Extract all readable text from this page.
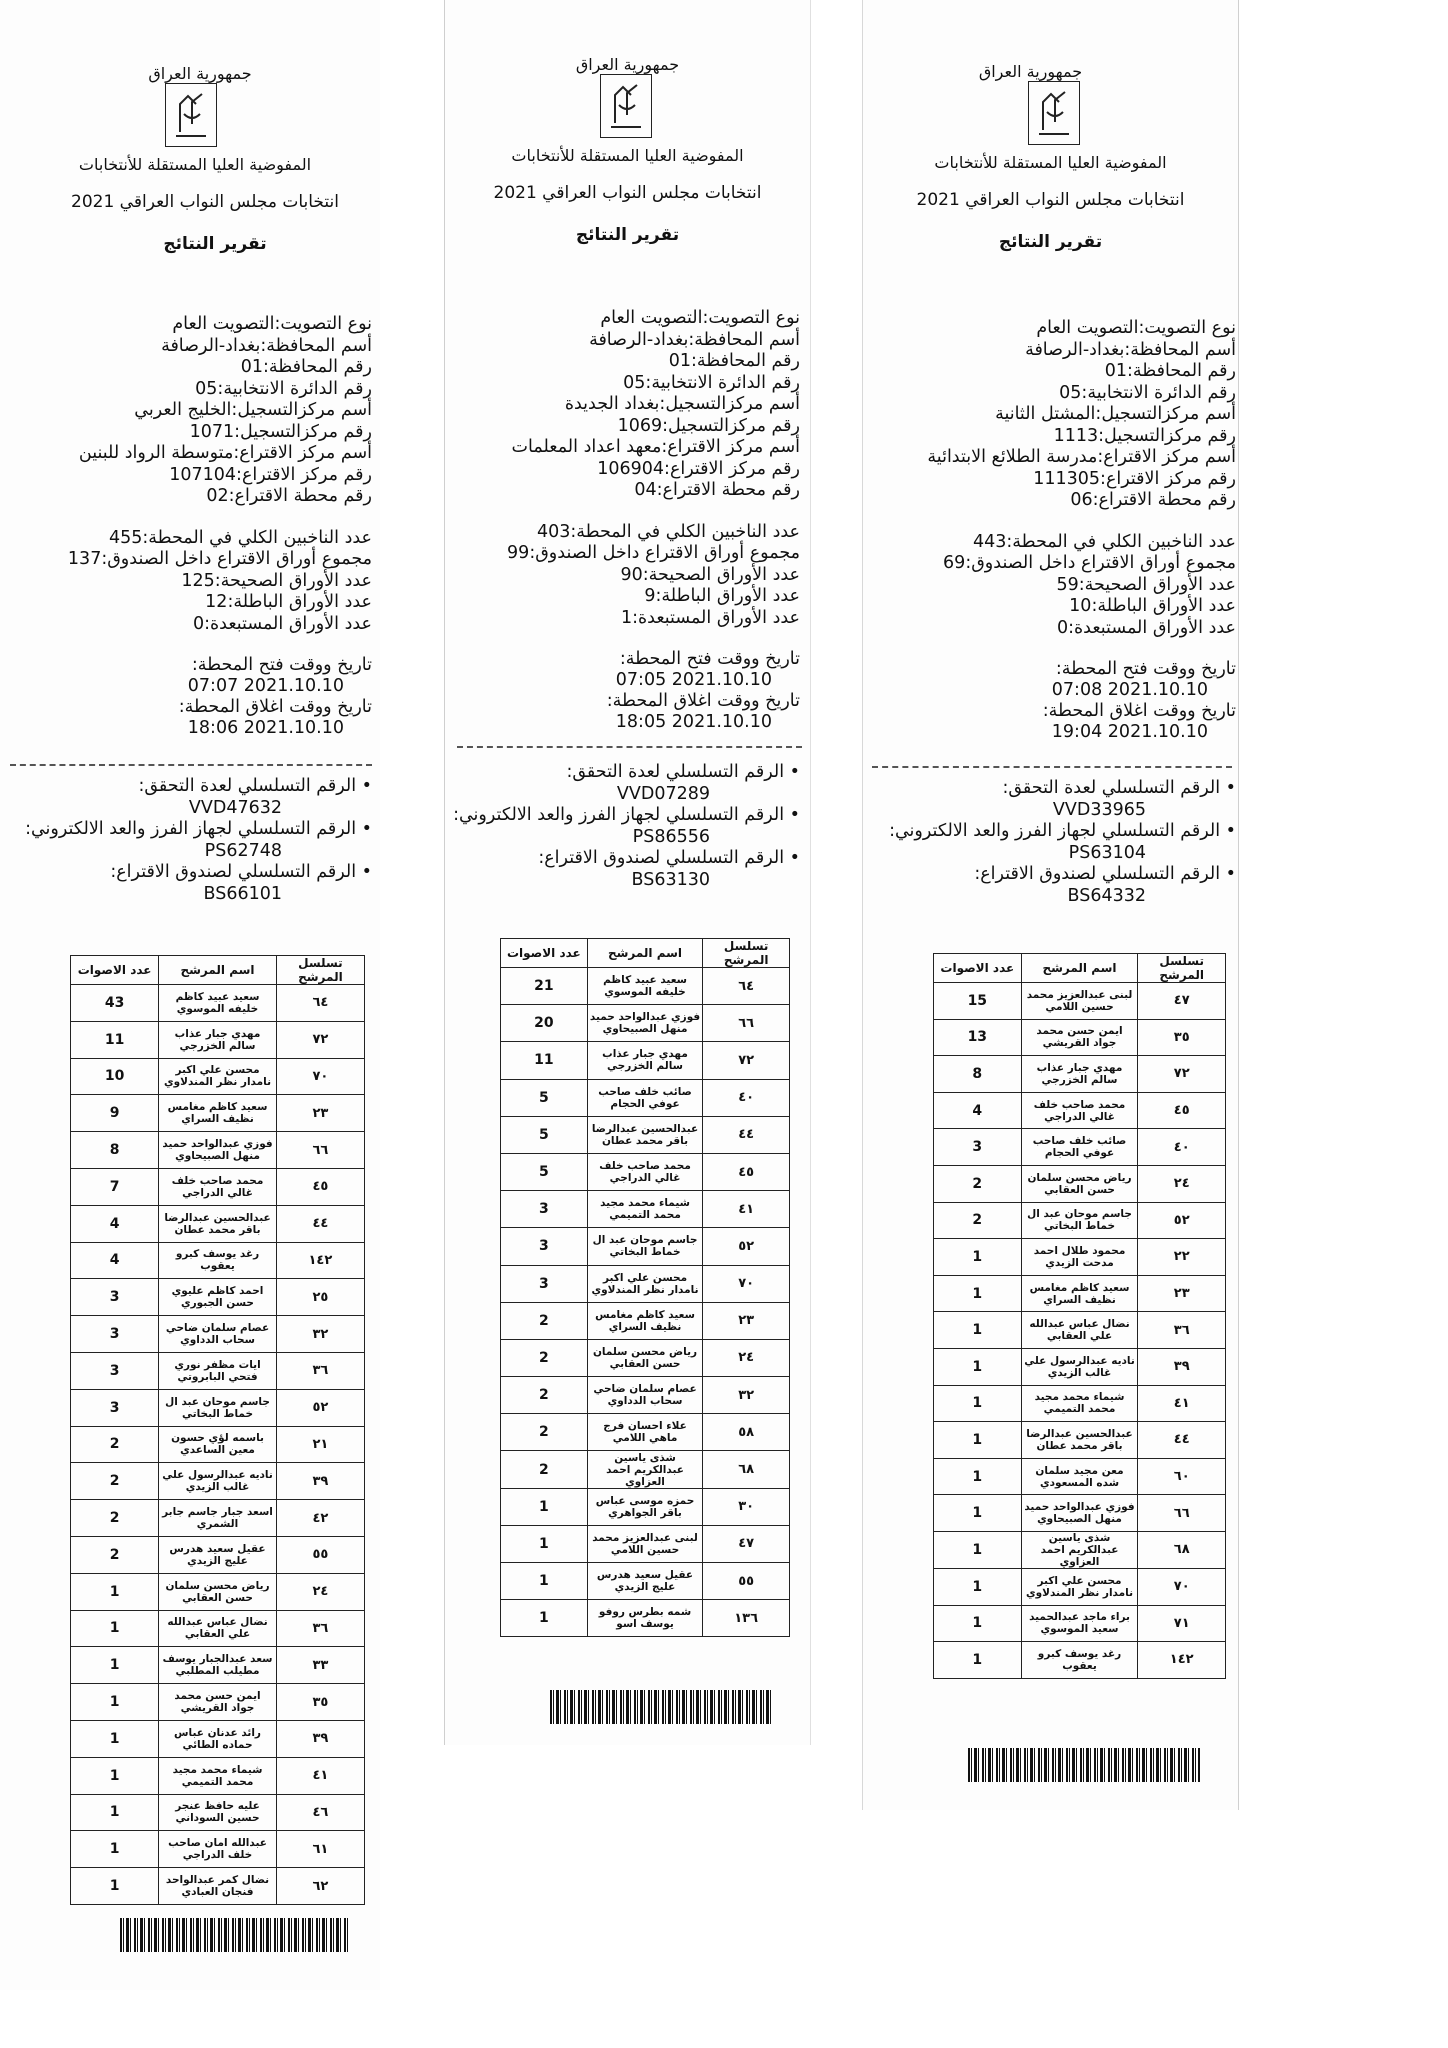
جمهورية العراق
المفوضية العليا المستقلة للأنتخابات
انتخابات مجلس النواب العراقي 2021
تقرير النتائج
نوع التصويت:التصويت العام
أسم المحافظة:بغداد-الرصافة
رقم المحافظة:01
رقم الدائرة الانتخابية:05
أسم مركزالتسجيل:الخليج العربي
رقم مركزالتسجيل:1071
أسم مركز الاقتراع:متوسطة الرواد للبنين
رقم مركز الاقتراع:107104
رقم محطة الاقتراع:02
عدد الناخبين الكلي في المحطة:455
مجموع أوراق الاقتراع داخل الصندوق:137
عدد الأوراق الصحيحة:125
عدد الأوراق الباطلة:12
عدد الأوراق المستبعدة:0
تاريخ ووقت فتح المحطة:
2021.10.10 07:07
تاريخ ووقت اغلاق المحطة:
2021.10.10 18:06
• الرقم التسلسلي لعدة التحقق:
VVD47632
• الرقم التسلسلي لجهاز الفرز والعد الالكتروني:
PS62748
• الرقم التسلسلي لصندوق الاقتراع:
BS66101
تسلسل المرشح	اسم المرشح	عدد الاصوات
٦٤	سعيد عبيد كاظم خليفه الموسوي	43
٧٢	مهدي جبار عذاب سالم الخزرجي	11
٧٠	محسن علي اكبر نامدار نظر المندلاوي	10
٢٣	سعيد كاظم مغامس نظيف السراي	9
٦٦	فوزي عبدالواحد حميد منهل الصبيحاوي	8
٤٥	محمد صاحب خلف غالي الدراجي	7
٤٤	عبدالحسين عبدالرضا باقر محمد عطان	4
١٤٢	رغد يوسف كبرو يعقوب	4
٢٥	احمد كاظم عليوي حسن الجبوري	3
٣٢	عصام سلمان ضاحي سحاب الدداوي	3
٣٦	ايات مظفر نوري فتحي البابروتي	3
٥٢	جاسم موحان عبد ال خماط البخاتي	3
٢١	باسمه لؤي حسون معين الساعدي	2
٣٩	ناديه عبدالرسول علي غالب الزيدي	2
٤٢	اسعد جبار جاسم جابر الشمري	2
٥٥	عقيل سعيد هدرس عليج الزيدي	2
٢٤	رياض محسن سلمان حسن العقابي	1
٣٦	نضال عباس عبدالله علي العقابي	1
٣٣	سعد عبدالجبار يوسف مطيلب المطلبي	1
٣٥	ايمن حسن محمد جواد القريشي	1
٣٩	رائد عدنان عباس حماده الطائي	1
٤١	شيماء محمد مجيد محمد التميمي	1
٤٦	عليه حافظ عنجر حسين السوداني	1
٦١	عبدالله امان صاحب خلف الدراجي	1
٦٢	نضال كمر عبدالواحد فنجان العبادي	1
جمهورية العراق
المفوضية العليا المستقلة للأنتخابات
انتخابات مجلس النواب العراقي 2021
تقرير النتائج
نوع التصويت:التصويت العام
أسم المحافظة:بغداد-الرصافة
رقم المحافظة:01
رقم الدائرة الانتخابية:05
أسم مركزالتسجيل:بغداد الجديدة
رقم مركزالتسجيل:1069
أسم مركز الاقتراع:معهد اعداد المعلمات
رقم مركز الاقتراع:106904
رقم محطة الاقتراع:04
عدد الناخبين الكلي في المحطة:403
مجموع أوراق الاقتراع داخل الصندوق:99
عدد الأوراق الصحيحة:90
عدد الأوراق الباطلة:9
عدد الأوراق المستبعدة:1
تاريخ ووقت فتح المحطة:
2021.10.10 07:05
تاريخ ووقت اغلاق المحطة:
2021.10.10 18:05
• الرقم التسلسلي لعدة التحقق:
VVD07289
• الرقم التسلسلي لجهاز الفرز والعد الالكتروني:
PS86556
• الرقم التسلسلي لصندوق الاقتراع:
BS63130
تسلسل المرشح	اسم المرشح	عدد الاصوات
٦٤	سعيد عبيد كاظم خليفه الموسوي	21
٦٦	فوزي عبدالواحد حميد منهل الصبيحاوي	20
٧٢	مهدي جبار عذاب سالم الخزرجي	11
٤٠	صائب خلف صاحب عوفي الحجام	5
٤٤	عبدالحسين عبدالرضا باقر محمد عطان	5
٤٥	محمد صاحب خلف غالي الدراجي	5
٤١	شيماء محمد مجيد محمد التميمي	3
٥٢	جاسم موحان عبد ال خماط البخاتي	3
٧٠	محسن علي اكبر نامدار نظر المندلاوي	3
٢٣	سعيد كاظم مغامس نظيف السراي	2
٢٤	رياض محسن سلمان حسن العقابي	2
٣٢	عصام سلمان ضاحي سحاب الدداوي	2
٥٨	علاء احسان فرج ماهي اللامي	2
٦٨	شذى ياسين عبدالكريم احمد العزاوي	2
٣٠	حمزه موسى عباس باقر الجواهري	1
٤٧	لبنى عبدالعزيز محمد حسين اللامي	1
٥٥	عقيل سعيد هدرس عليج الزيدي	1
١٣٦	شمه بطرس روفو يوسف اسو	1
جمهورية العراق
المفوضية العليا المستقلة للأنتخابات
انتخابات مجلس النواب العراقي 2021
تقرير النتائج
نوع التصويت:التصويت العام
أسم المحافظة:بغداد-الرصافة
رقم المحافظة:01
رقم الدائرة الانتخابية:05
أسم مركزالتسجيل:المشتل الثانية
رقم مركزالتسجيل:1113
أسم مركز الاقتراع:مدرسة الطلائع الابتدائية
رقم مركز الاقتراع:111305
رقم محطة الاقتراع:06
عدد الناخبين الكلي في المحطة:443
مجموع أوراق الاقتراع داخل الصندوق:69
عدد الأوراق الصحيحة:59
عدد الأوراق الباطلة:10
عدد الأوراق المستبعدة:0
تاريخ ووقت فتح المحطة:
2021.10.10 07:08
تاريخ ووقت اغلاق المحطة:
2021.10.10 19:04
• الرقم التسلسلي لعدة التحقق:
VVD33965
• الرقم التسلسلي لجهاز الفرز والعد الالكتروني:
PS63104
• الرقم التسلسلي لصندوق الاقتراع:
BS64332
تسلسل المرشح	اسم المرشح	عدد الاصوات
٤٧	لبنى عبدالعزيز محمد حسين اللامي	15
٣٥	ايمن حسن محمد جواد القريشي	13
٧٢	مهدي جبار عذاب سالم الخزرجي	8
٤٥	محمد صاحب خلف غالي الدراجي	4
٤٠	صائب خلف صاحب عوفي الحجام	3
٢٤	رياض محسن سلمان حسن العقابي	2
٥٢	جاسم موحان عبد ال خماط البخاتي	2
٢٢	محمود طلال احمد مدحت الزيدي	1
٢٣	سعيد كاظم مغامس نظيف السراي	1
٣٦	نضال عباس عبدالله علي العقابي	1
٣٩	ناديه عبدالرسول علي غالب الزيدي	1
٤١	شيماء محمد مجيد محمد التميمي	1
٤٤	عبدالحسين عبدالرضا باقر محمد عطان	1
٦٠	معن مجيد سلمان شده المسعودي	1
٦٦	فوزي عبدالواحد حميد منهل الصبيحاوي	1
٦٨	شذى ياسين عبدالكريم احمد العزاوي	1
٧٠	محسن علي اكبر نامدار نظر المندلاوي	1
٧١	براء ماجد عبدالحميد سعيد الموسوي	1
١٤٢	رغد يوسف كبرو يعقوب	1
